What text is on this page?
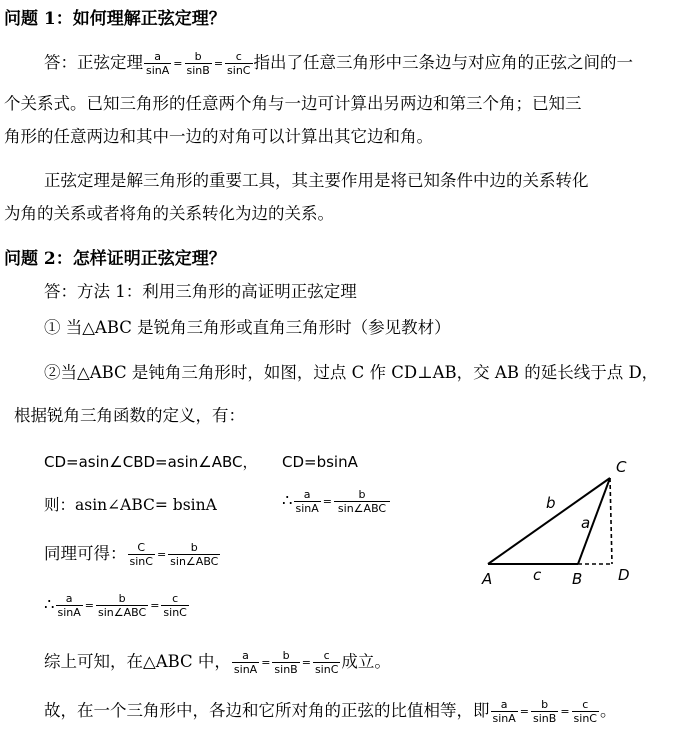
问题 1：如何理解正弦定理？
答：正弦定理 $\frac{a}{\sin A} = \frac{b}{\sin B} = \frac{c}{\sin C}$ 指出了任意三角形中三条边与对应角的正弦之间的一
个关系式。已知三角形的任意两个角与一边可计算出另两边和第三个角；已知三
角形的任意两边和其中一边的对角可以计算出其它边和角。
正弦定理是解三角形的重要工具，其主要作用是将已知条件中边的关系转化
为角的关系或者将角的关系转化为边的关系。
问题 2：怎样证明正弦定理？
答：方法 1：利用三角形的高证明正弦定理
① 当△ABC 是锐角三角形或直角三角形时（参见教材）
②当△ABC 是钝角三角形时，如图，过点 C 作 CD⊥AB，交 AB 的延长线于点 D，
根据锐角三角函数的定义，有：
CD=asin∠CBD=asin∠ABC， CD=bsinA
则：asin∠ABC= bsinA	∴ $\frac{a}{\sin A} = \frac{b}{\text{sin∠ABC}}$
同理可得： $\frac{C}{\sin C} = \frac{b}{\text{sin∠ABC}}$
∴ $\frac{a}{\sin A} = \frac{b}{\text{sin∠ABC}} = \frac{c}{\sin C}$
综上可知，在△ABC 中， $\frac{a}{\sin A} = \frac{b}{\sin B} = \frac{c}{\sin C}$ 成立。
故，在一个三角形中，各边和它所对角的正弦的比值相等，即 $\frac{a}{\sin A} = \frac{b}{\sin B} = \frac{c}{\sin C}$ 。
C
b
a
A	c B D
